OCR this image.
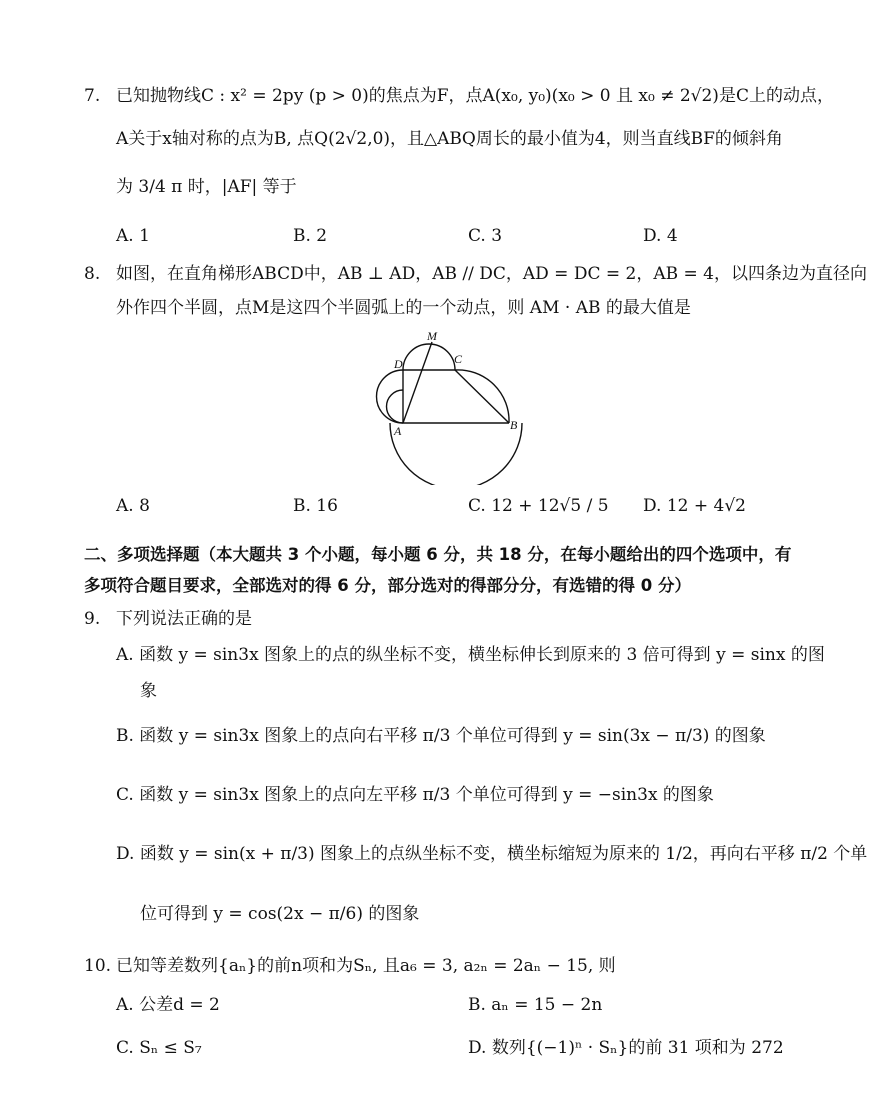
7. 已知抛物线C : x² = 2py (p > 0)的焦点为F，点A(x₀, y₀)(x₀ > 0 且 x₀ ≠ 2√2)是C上的动点，
A关于x轴对称的点为B, 点Q(2√2,0)，且△ABQ周长的最小值为4，则当直线BF的倾斜角
为 3/4 π 时，|AF| 等于
A. 1	B. 2	C. 3	D. 4
8. 如图，在直角梯形ABCD中，AB ⊥ AD，AB // DC，AD = DC = 2，AB = 4，以四条边为直径向
外作四个半圆，点M是这四个半圆弧上的一个动点，则 AM · AB 的最大值是
M
D	C
A	B
A. 8	B. 16	C. 12 + 12√5 / 5 D. 12 + 4√2
二、多项选择题（本大题共 3 个小题，每小题 6 分，共 18 分，在每小题给出的四个选项中，有
多项符合题目要求，全部选对的得 6 分，部分选对的得部分分，有选错的得 0 分）
9. 下列说法正确的是
A. 函数 y = sin3x 图象上的点的纵坐标不变，横坐标伸长到原来的 3 倍可得到 y = sinx 的图
象
B. 函数 y = sin3x 图象上的点向右平移 π/3 个单位可得到 y = sin(3x − π/3) 的图象
C. 函数 y = sin3x 图象上的点向左平移 π/3 个单位可得到 y = −sin3x 的图象
D. 函数 y = sin(x + π/3) 图象上的点纵坐标不变，横坐标缩短为原来的 1/2，再向右平移 π/2 个单
位可得到 y = cos(2x − π/6) 的图象
10. 已知等差数列{aₙ}的前n项和为Sₙ, 且a₆ = 3, a₂ₙ = 2aₙ − 15, 则
A. 公差d = 2	B. aₙ = 15 − 2n
C. Sₙ ≤ S₇	D. 数列{(−1)ⁿ · Sₙ}的前 31 项和为 272
